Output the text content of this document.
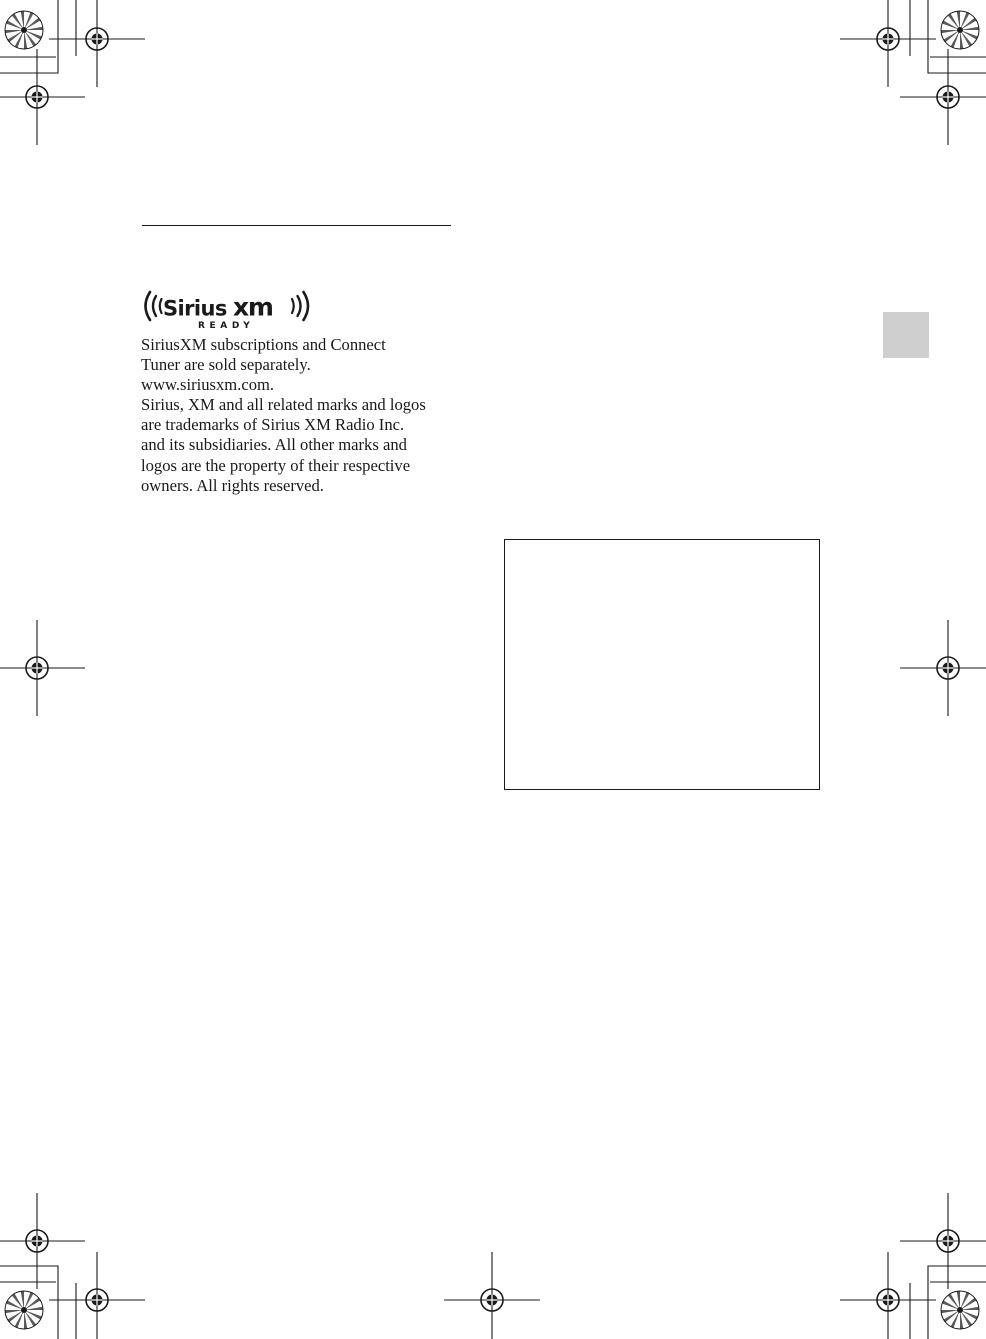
Sirius xm
READY

SiriusXM subscriptions and Connect
Tuner are sold separately.
www.siriusxm.com.
Sirius, XM and all related marks and logos
are trademarks of Sirius XM Radio Inc.
and its subsidiaries. All other marks and
logos are the property of their respective
owners. All rights reserved.
